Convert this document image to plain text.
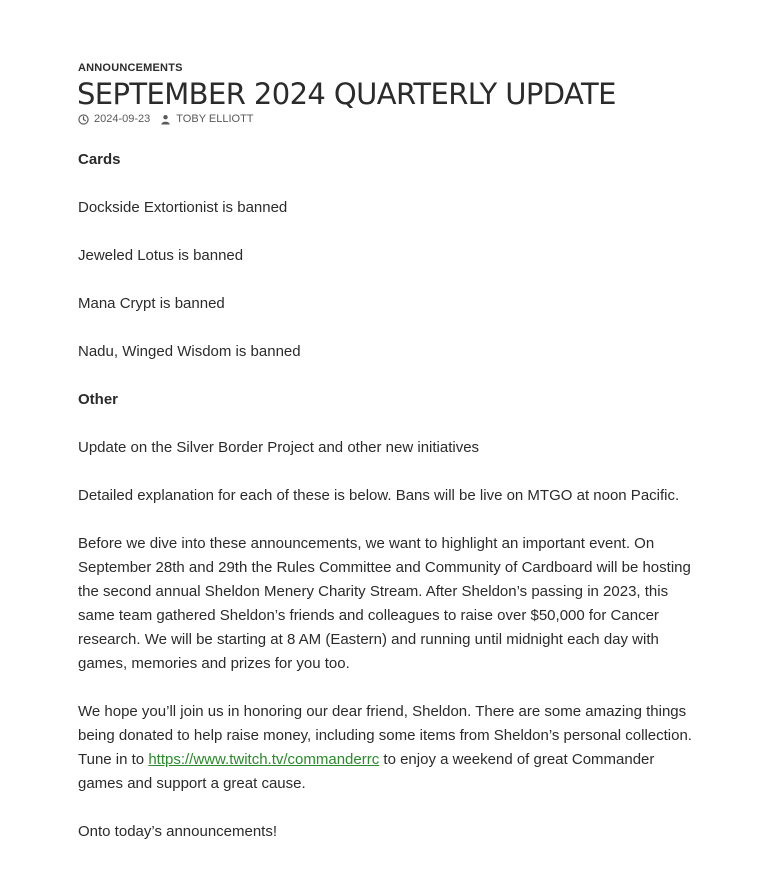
ANNOUNCEMENTS
SEPTEMBER 2024 QUARTERLY UPDATE
2024-09-23 TOBY ELLIOTT

Cards

Dockside Extortionist is banned

Jeweled Lotus is banned

Mana Crypt is banned

Nadu, Winged Wisdom is banned

Other

Update on the Silver Border Project and other new initiatives

Detailed explanation for each of these is below. Bans will be live on MTGO at noon Pacific.

Before we dive into these announcements, we want to highlight an important event. On September 28th and 29th the Rules Committee and Community of Cardboard will be hosting the second annual Sheldon Menery Charity Stream. After Sheldon’s passing in 2023, this same team gathered Sheldon’s friends and colleagues to raise over $50,000 for Cancer research. We will be starting at 8 AM (Eastern) and running until midnight each day with games, memories and prizes for you too.

We hope you’ll join us in honoring our dear friend, Sheldon. There are some amazing things being donated to help raise money, including some items from Sheldon’s personal collection. Tune in to https://www.twitch.tv/commanderrc to enjoy a weekend of great Commander games and support a great cause.

Onto today’s announcements!
